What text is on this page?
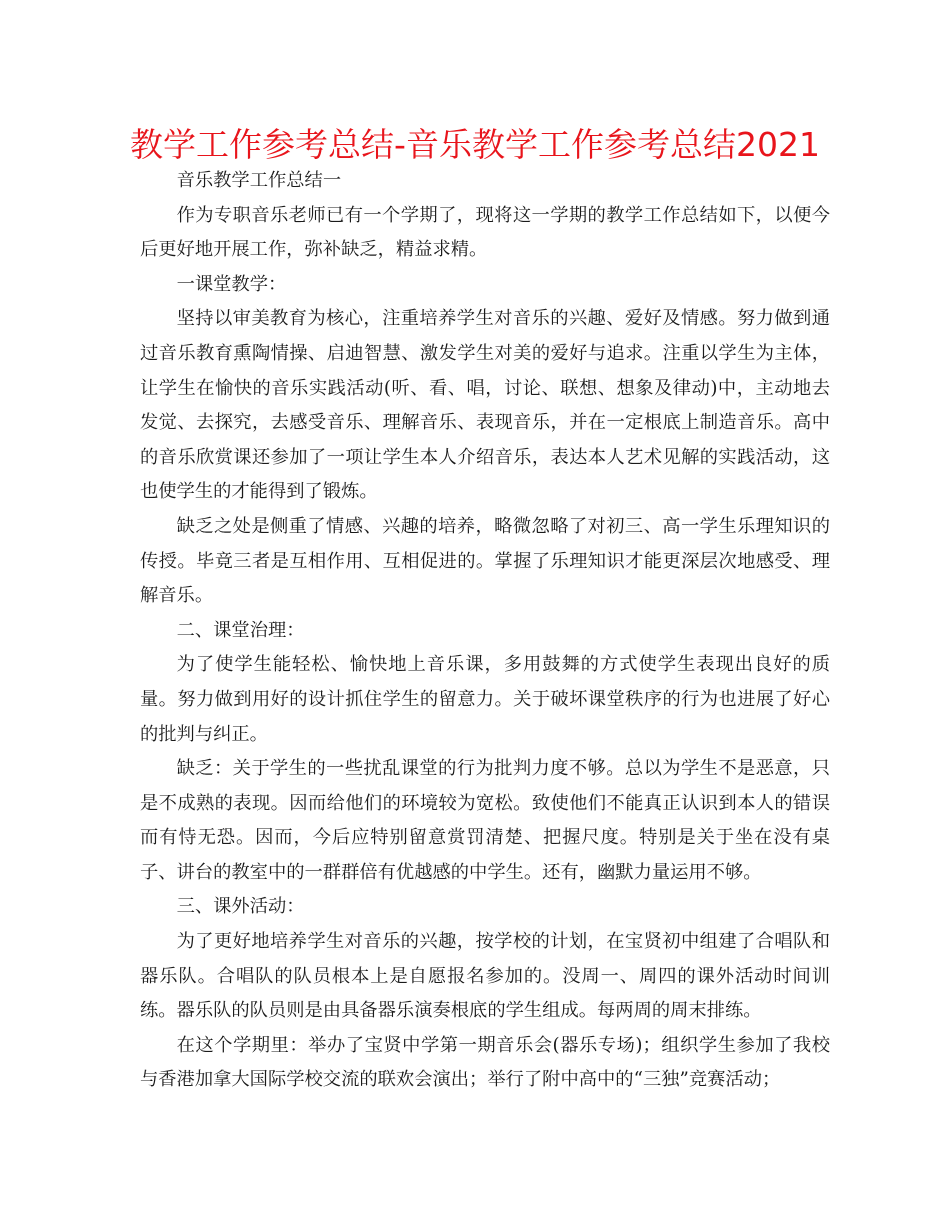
教学工作参考总结-音乐教学工作参考总结2021

音乐教学工作总结一

作为专职音乐老师已有一个学期了，现将这一学期的教学工作总结如下，以便今后更好地开展工作，弥补缺乏，精益求精。

一课堂教学：

坚持以审美教育为核心，注重培养学生对音乐的兴趣、爱好及情感。努力做到通过音乐教育熏陶情操、启迪智慧、激发学生对美的爱好与追求。注重以学生为主体，让学生在愉快的音乐实践活动(听、看、唱，讨论、联想、想象及律动)中，主动地去发觉、去探究，去感受音乐、理解音乐、表现音乐，并在一定根底上制造音乐。高中的音乐欣赏课还参加了一项让学生本人介绍音乐，表达本人艺术见解的实践活动，这也使学生的才能得到了锻炼。

缺乏之处是侧重了情感、兴趣的培养，略微忽略了对初三、高一学生乐理知识的传授。毕竟三者是互相作用、互相促进的。掌握了乐理知识才能更深层次地感受、理解音乐。

二、课堂治理：

为了使学生能轻松、愉快地上音乐课，多用鼓舞的方式使学生表现出良好的质量。努力做到用好的设计抓住学生的留意力。关于破坏课堂秩序的行为也进展了好心的批判与纠正。

缺乏：关于学生的一些扰乱课堂的行为批判力度不够。总以为学生不是恶意，只是不成熟的表现。因而给他们的环境较为宽松。致使他们不能真正认识到本人的错误而有恃无恐。因而，今后应特别留意赏罚清楚、把握尺度。特别是关于坐在没有桌子、讲台的教室中的一群群倍有优越感的中学生。还有，幽默力量运用不够。

三、课外活动：

为了更好地培养学生对音乐的兴趣，按学校的计划，在宝贤初中组建了合唱队和器乐队。合唱队的队员根本上是自愿报名参加的。没周一、周四的课外活动时间训练。器乐队的队员则是由具备器乐演奏根底的学生组成。每两周的周末排练。

在这个学期里：举办了宝贤中学第一期音乐会(器乐专场)；组织学生参加了我校与香港加拿大国际学校交流的联欢会演出；举行了附中高中的“三独”竞赛活动；
